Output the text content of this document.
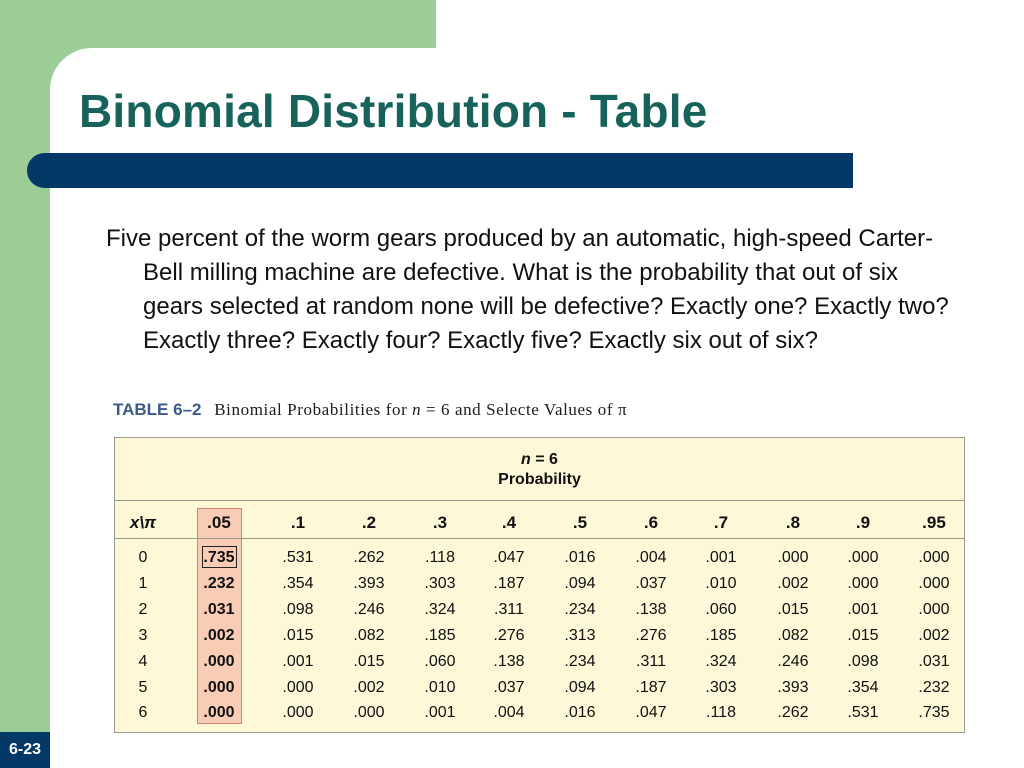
Binomial Distribution - Table

Five percent of the worm gears produced by an automatic, high-speed Carter-Bell milling machine are defective. What is the probability that out of six gears selected at random none will be defective? Exactly one? Exactly two? Exactly three? Exactly four? Exactly five? Exactly six out of six?

TABLE 6–2 Binomial Probabilities for n = 6 and Selecte Values of π

n = 6
Probability
x\π	.05	.1	.2	.3	.4	.5	.6	.7	.8	.9	.95
0	.735	.531	.262	.118	.047	.016	.004	.001	.000	.000	.000
1	.232	.354	.393	.303	.187	.094	.037	.010	.002	.000	.000
2	.031	.098	.246	.324	.311	.234	.138	.060	.015	.001	.000
3	.002	.015	.082	.185	.276	.313	.276	.185	.082	.015	.002
4	.000	.001	.015	.060	.138	.234	.311	.324	.246	.098	.031
5	.000	.000	.002	.010	.037	.094	.187	.303	.393	.354	.232
6	.000	.000	.000	.001	.004	.016	.047	.118	.262	.531	.735
6-23
